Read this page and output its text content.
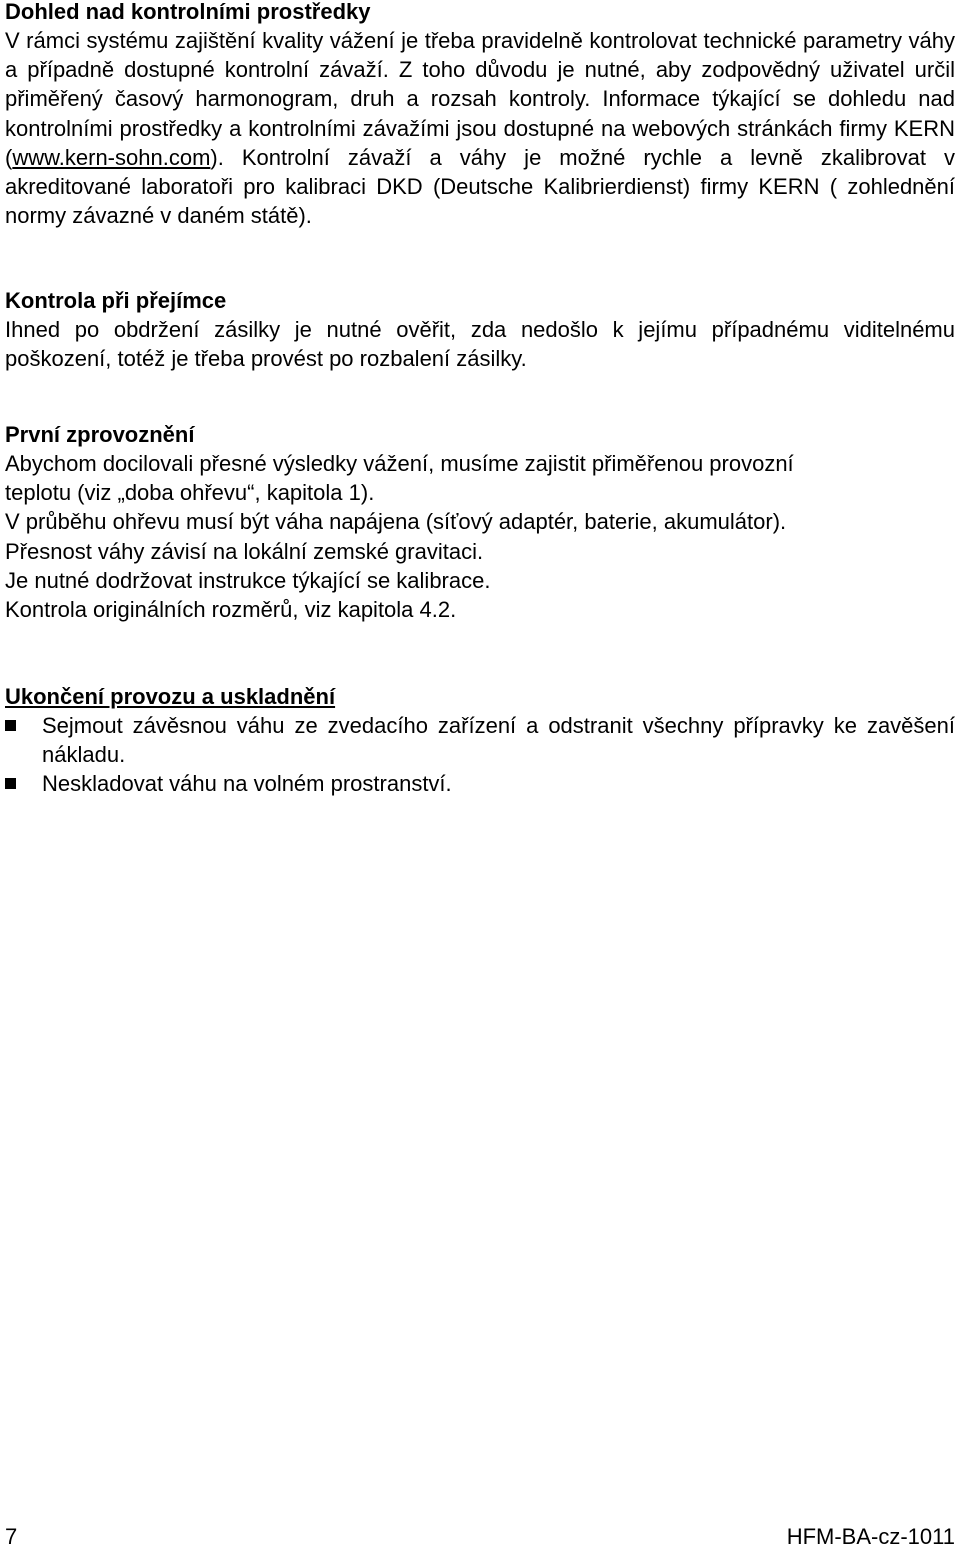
Dohled nad kontrolními prostředky

V rámci systému zajištění kvality vážení je třeba pravidelně kontrolovat technické parametry váhy a případně dostupné kontrolní závaží. Z toho důvodu je nutné, aby zodpovědný uživatel určil přiměřený časový harmonogram, druh a rozsah kontroly. Informace týkající se dohledu nad kontrolními prostředky a kontrolními závažími jsou dostupné na webových stránkách firmy KERN (www.kern-sohn.com). Kontrolní závaží a váhy je možné rychle a levně zkalibrovat v akreditované laboratoři pro kalibraci DKD (Deutsche Kalibrierdienst) firmy KERN ( zohlednění normy závazné v daném státě).

Kontrola při přejímce

Ihned po obdržení zásilky je nutné ověřit, zda nedošlo k jejímu případnému viditelnému poškození, totéž je třeba provést po rozbalení zásilky.

První zprovoznění

Abychom docilovali přesné výsledky vážení, musíme zajistit přiměřenou provozní

teplotu (viz „doba ohřevu“, kapitola 1).

V průběhu ohřevu musí být váha napájena (síťový adaptér, baterie, akumulátor).

Přesnost váhy závisí na lokální zemské gravitaci.

Je nutné dodržovat instrukce týkající se kalibrace.

Kontrola originálních rozměrů, viz kapitola 4.2.

Ukončení provozu a uskladnění
Sejmout závěsnou váhu ze zvedacího zařízení a odstranit všechny přípravky ke zavěšení nákladu.
Neskladovat váhu na volném prostranství.
7	HFM-BA-cz-1011
